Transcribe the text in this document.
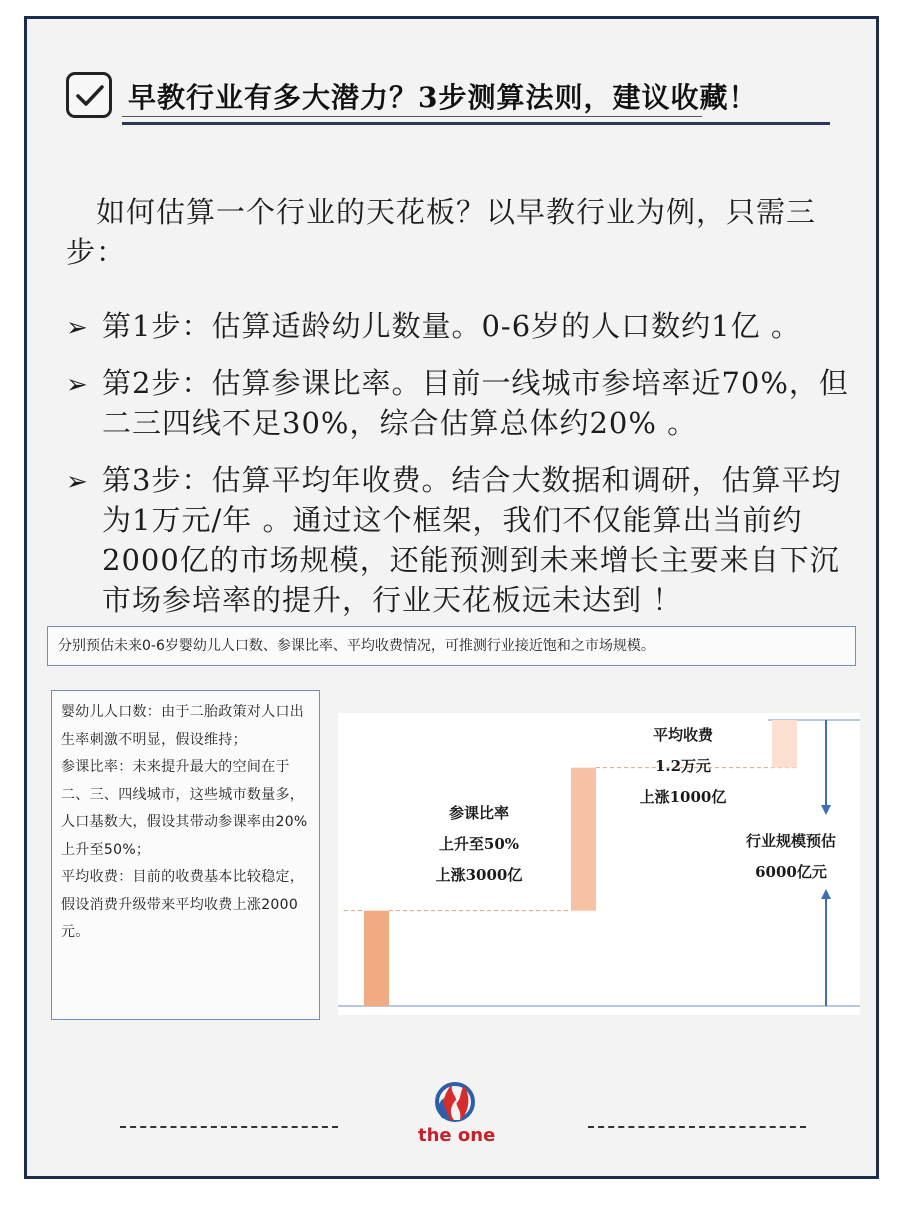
早教行业有多大潜力？3步测算法则，建议收藏！
　如何估算一个行业的天花板？以早教行业为例，只需三步：
➢ 第1步：估算适龄幼儿数量。0-6岁的人口数约1亿 。
➢ 第2步：估算参课比率。目前一线城市参培率近70%，但二三四线不足30%，综合估算总体约20% 。
➢ 第3步：估算平均年收费。结合大数据和调研，估算平均为1万元/年 。通过这个框架，我们不仅能算出当前约2000亿的市场规模，还能预测到未来增长主要来自下沉市场参培率的提升，行业天花板远未达到 ！
分别预估未来0-6岁婴幼儿人口数、参课比率、平均收费情况，可推测行业接近饱和之市场规模。

婴幼儿人口数：由于二胎政策对人口出生率刺激不明显，假设维持；

参课比率：未来提升最大的空间在于二、三、四线城市，这些城市数量多，人口基数大，假设其带动参课率由20%上升至50%；

平均收费：目前的收费基本比较稳定，假设消费升级带来平均收费上涨2000元。

参课比率
上升至50%
上涨3000亿
平均收费
1.2万元
上涨1000亿
行业规模预估
6000亿元
the one
